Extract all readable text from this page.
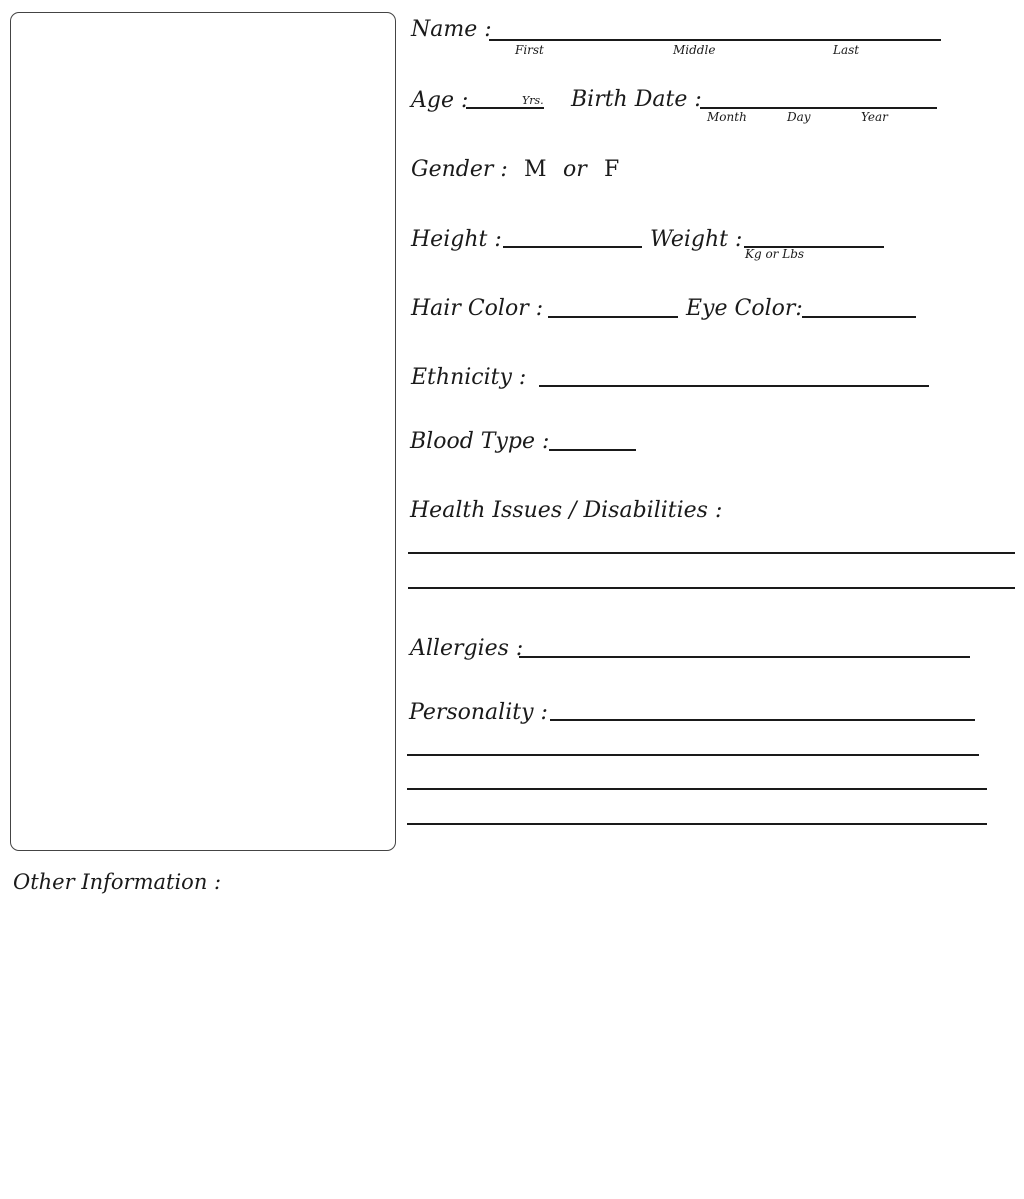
Name :
First	Middle	Last
Age :	Yrs. Birth Date :
Month	Day	Year
Gender : M or F
Height :	Weight :
Kg or Lbs
Hair Color :	Eye Color:
Ethnicity :
Blood Type :
Health Issues / Disabilities :
Allergies :
Personality :
Other Information :
